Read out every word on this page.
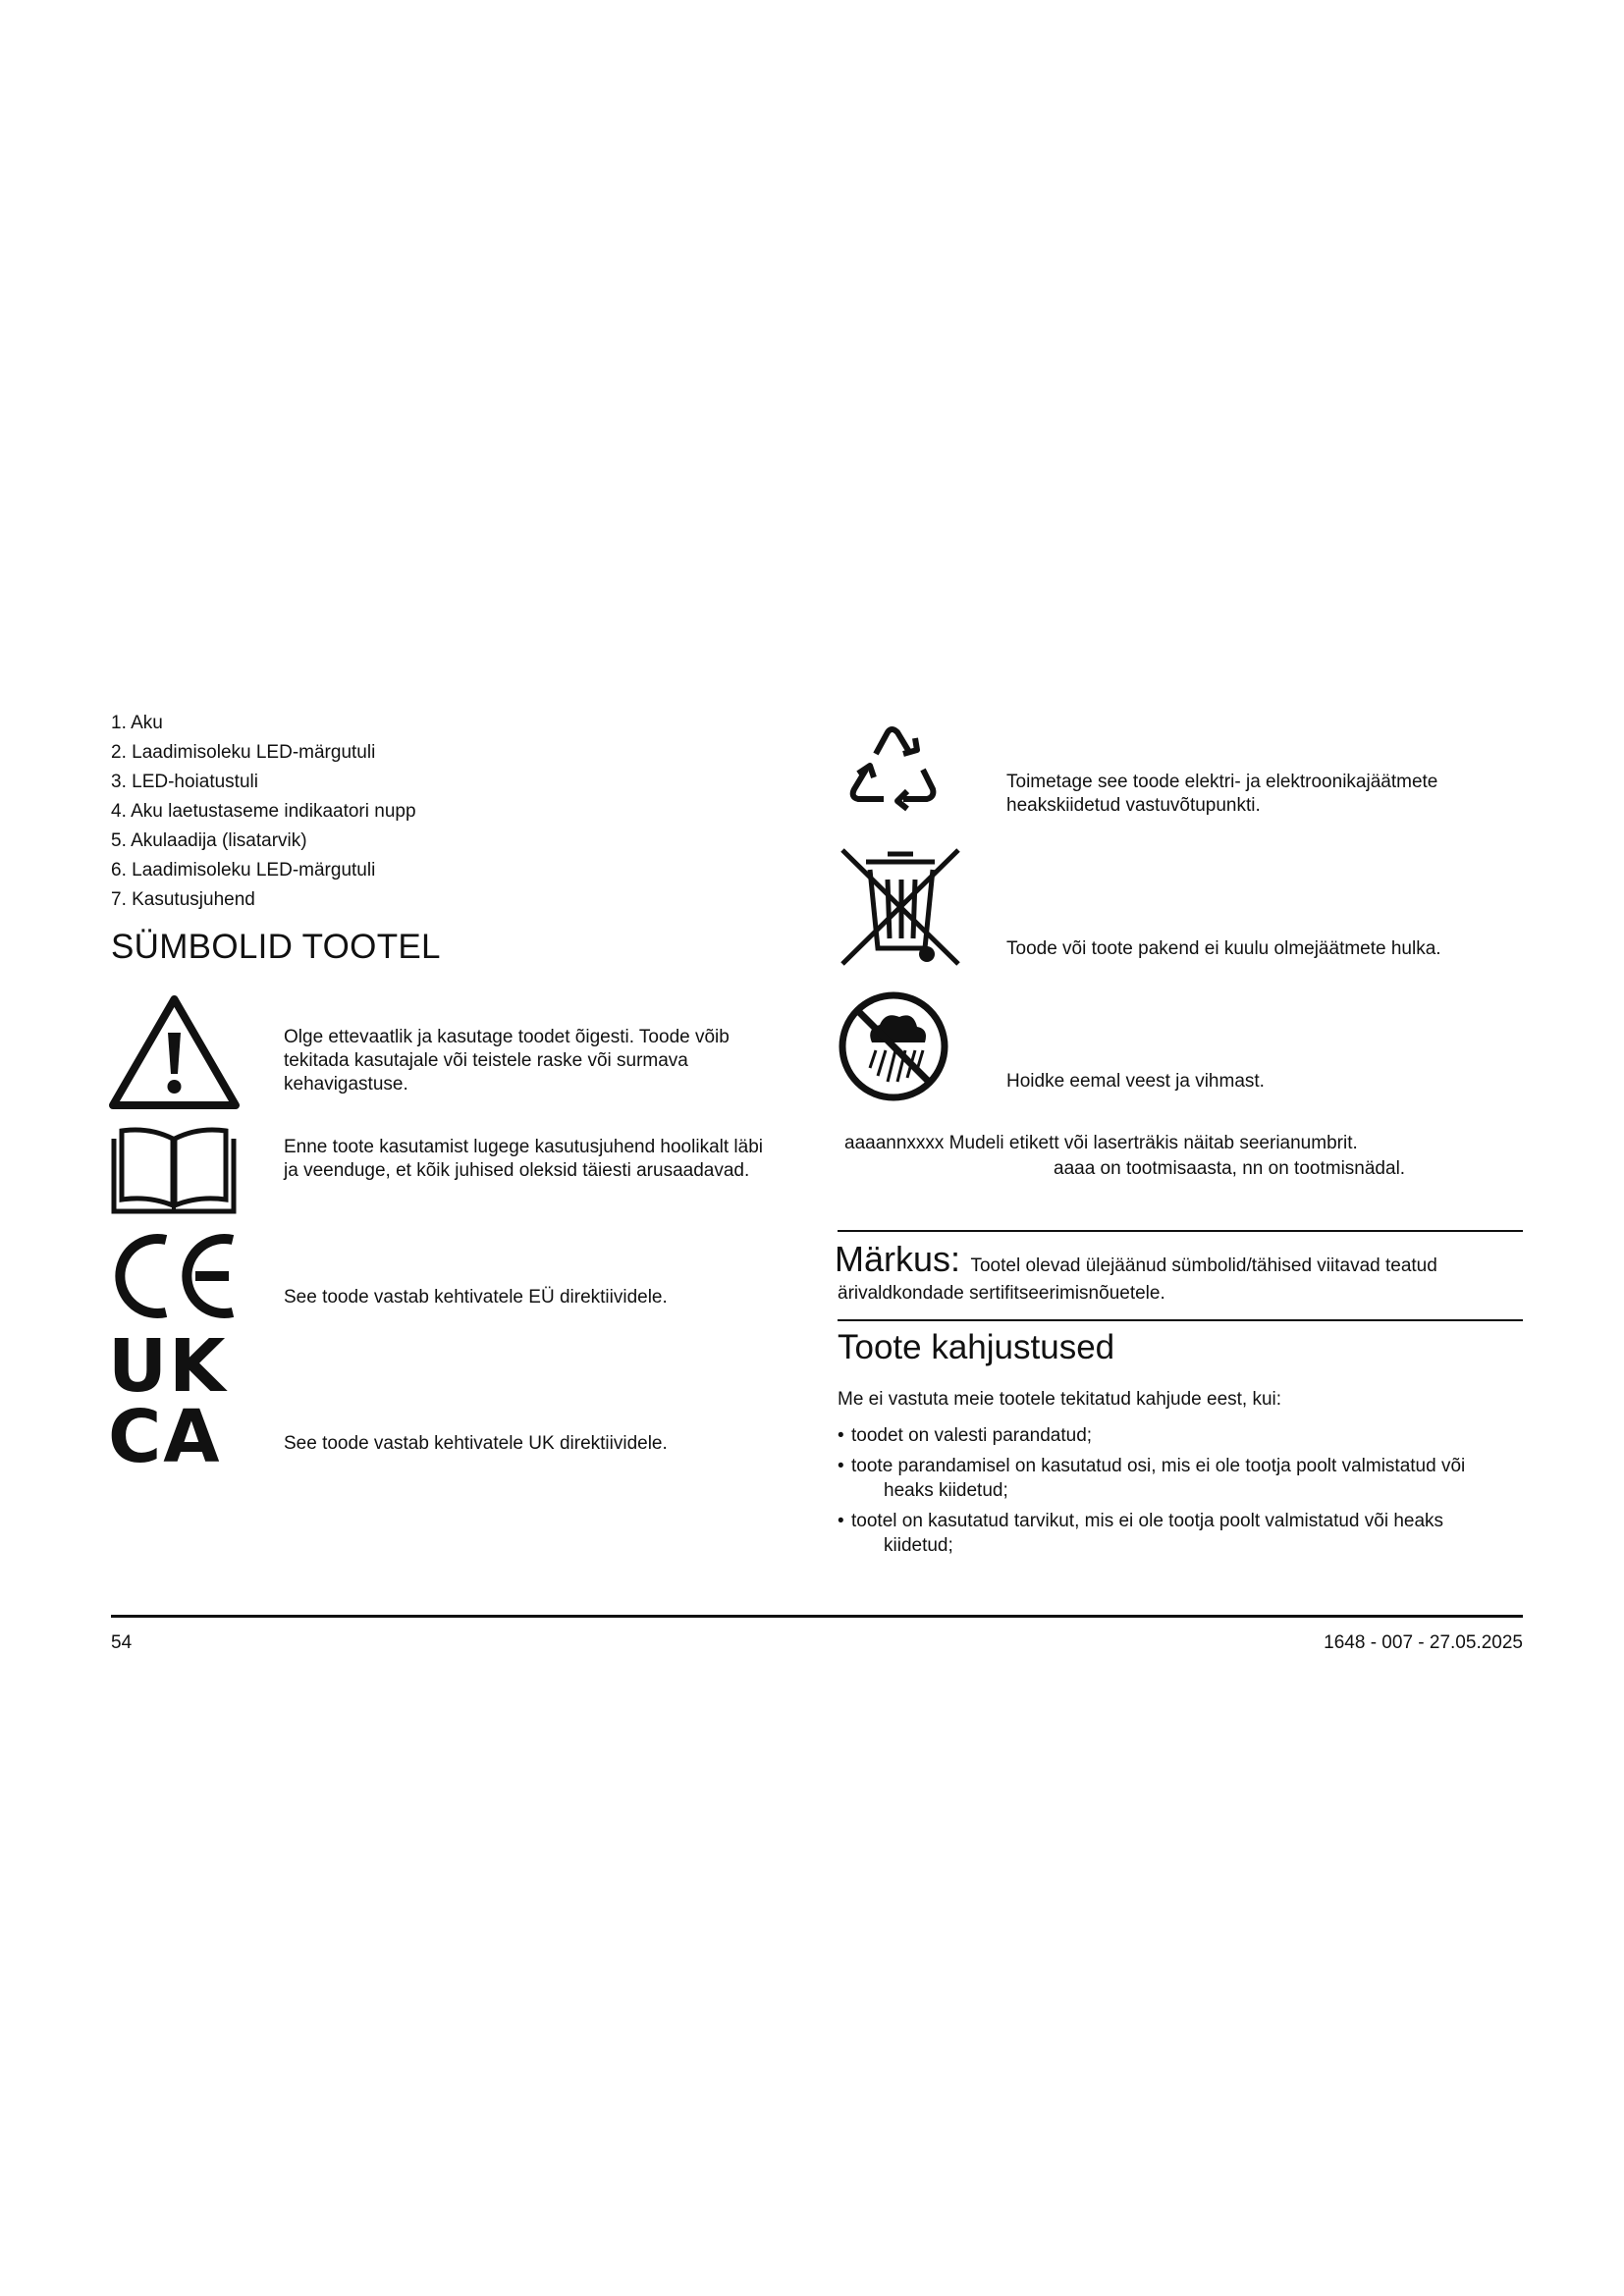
1. Aku
2. Laadimisoleku LED-märgutuli
3. LED-hoiatustuli
4. Aku laetustaseme indikaatori nupp
5. Akulaadija (lisatarvik)
6. Laadimisoleku LED-märgutuli
7. Kasutusjuhend
SÜMBOLID TOOTEL
Olge ettevaatlik ja kasutage toodet õigesti. Toode võib tekitada kasutajale või teistele raske või surmava kehavigastuse.
Enne toote kasutamist lugege kasutusjuhend hoolikalt läbi ja veenduge, et kõik juhised oleksid täiesti arusaadavad.
See toode vastab kehtivatele EÜ direktiividele.
UK
CA	See toode vastab kehtivatele UK direktiividele.
Toimetage see toode elektri- ja elektroonikajäätmete heakskiidetud vastuvõtupunkti.
Toode või toote pakend ei kuulu olmejäätmete hulka.
Hoidke eemal veest ja vihmast.
aaaannxxxx Mudeli etikett või laserträkis näitab seerianumbrit.
aaaa on tootmisaasta, nn on tootmisnädal.
Märkus: Tootel olevad ülejäänud sümbolid/tähised viitavad teatud
ärivaldkondade sertifitseerimisnõuetele.
Toote kahjustused
Me ei vastuta meie tootele tekitatud kahjude eest, kui:
• toodet on valesti parandatud;
• toote parandamisel on kasutatud osi, mis ei ole tootja poolt valmistatud või heaks kiidetud;
• tootel on kasutatud tarvikut, mis ei ole tootja poolt valmistatud või heaks kiidetud;
54	1648 - 007 - 27.05.2025
